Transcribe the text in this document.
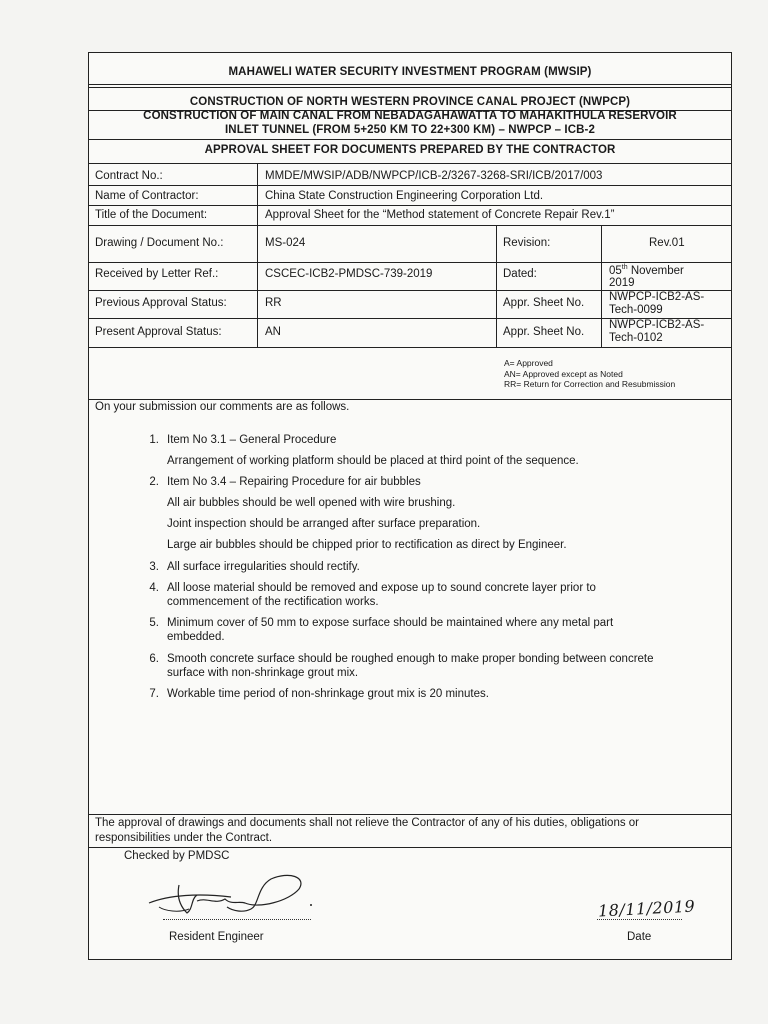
MAHAWELI WATER SECURITY INVESTMENT PROGRAM (MWSIP)
CONSTRUCTION OF NORTH WESTERN PROVINCE CANAL PROJECT (NWPCP)
CONSTRUCTION OF MAIN CANAL FROM NEBADAGAHAWATTA TO MAHAKITHULA RESERVOIR
INLET TUNNEL (FROM 5+250 KM TO 22+300 KM) – NWPCP – ICB-2
APPROVAL SHEET FOR DOCUMENTS PREPARED BY THE CONTRACTOR
Contract No.:	MMDE/MWSIP/ADB/NWPCP/ICB-2/3267-3268-SRI/ICB/2017/003
Name of Contractor:	China State Construction Engineering Corporation Ltd.
Title of the Document:	Approval Sheet for the “Method statement of Concrete Repair Rev.1”
Drawing / Document No.:	MS-024	Revision:	Rev.01
Received by Letter Ref.:	CSCEC-ICB2-PMDSC-739-2019	Dated:	05th November
2019
Previous Approval Status:	RR	Appr. Sheet No. NWPCP-ICB2-AS-
Tech-0099
Present Approval Status:	AN	Appr. Sheet No.
NWPCP-ICB2-AS-
Tech-0102
A= Approved
AN= Approved except as Noted
RR= Return for Correction and Resubmission
On your submission our comments are as follows.
1. Item No 3.1 – General Procedure
Arrangement of working platform should be placed at third point of the sequence.
2. Item No 3.4 – Repairing Procedure for air bubbles
All air bubbles should be well opened with wire brushing.
Joint inspection should be arranged after surface preparation.
Large air bubbles should be chipped prior to rectification as direct by Engineer.
3. All surface irregularities should rectify.
4. All loose material should be removed and expose up to sound concrete layer prior to
commencement of the rectification works.
5. Minimum cover of 50 mm to expose surface should be maintained where any metal part
embedded.
6. Smooth concrete surface should be roughed enough to make proper bonding between concrete
surface with non-shrinkage grout mix.
7. Workable time period of non-shrinkage grout mix is 20 minutes.
The approval of drawings and documents shall not relieve the Contractor of any of his duties, obligations or
responsibilities under the Contract.
Checked by PMDSC
Resident Engineer
18/11/2019
Date
